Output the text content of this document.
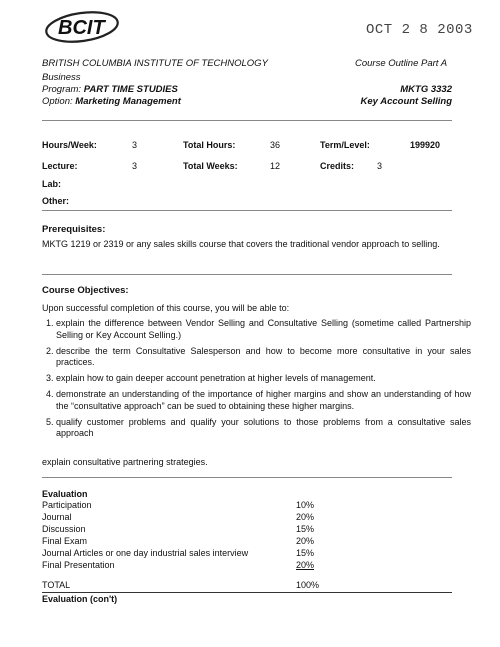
BCIT	OCT 2 8 2003
BRITISH COLUMBIA INSTITUTE OF TECHNOLOGY	Course Outline Part A
Business
Program: PART TIME STUDIES
Option: Marketing Management
MKTG 3332
Key Account Selling
Hours/Week:	3	Total Hours:	36	Term/Level:	199920
Lecture:	3	Total Weeks:	12	Credits:	3
Lab:
Other:
Prerequisites:
MKTG 1219 or 2319 or any sales skills course that covers the traditional vendor approach to selling.
Course Objectives:
Upon successful completion of this course, you will be able to:
1. explain the difference between Vendor Selling and Consultative Selling (sometime called Partnership Selling or Key Account Selling.)
2. describe the term Consultative Salesperson and how to become more consultative in your sales practices.
3. explain how to gain deeper account penetration at higher levels of management.
4. demonstrate an understanding of the importance of higher margins and show an understanding of how the “consultative approach” can be sued to obtaining these higher margins.
5. qualify customer problems and qualify your solutions to those problems from a consultative sales approach
explain consultative partnering strategies.
Evaluation
Participation	10%
Journal	20%
Discussion	15%
Final Exam	20%
Journal Articles or one day industrial sales interview	15%
Final Presentation	20%
TOTAL	100%
Evaluation (con't)
